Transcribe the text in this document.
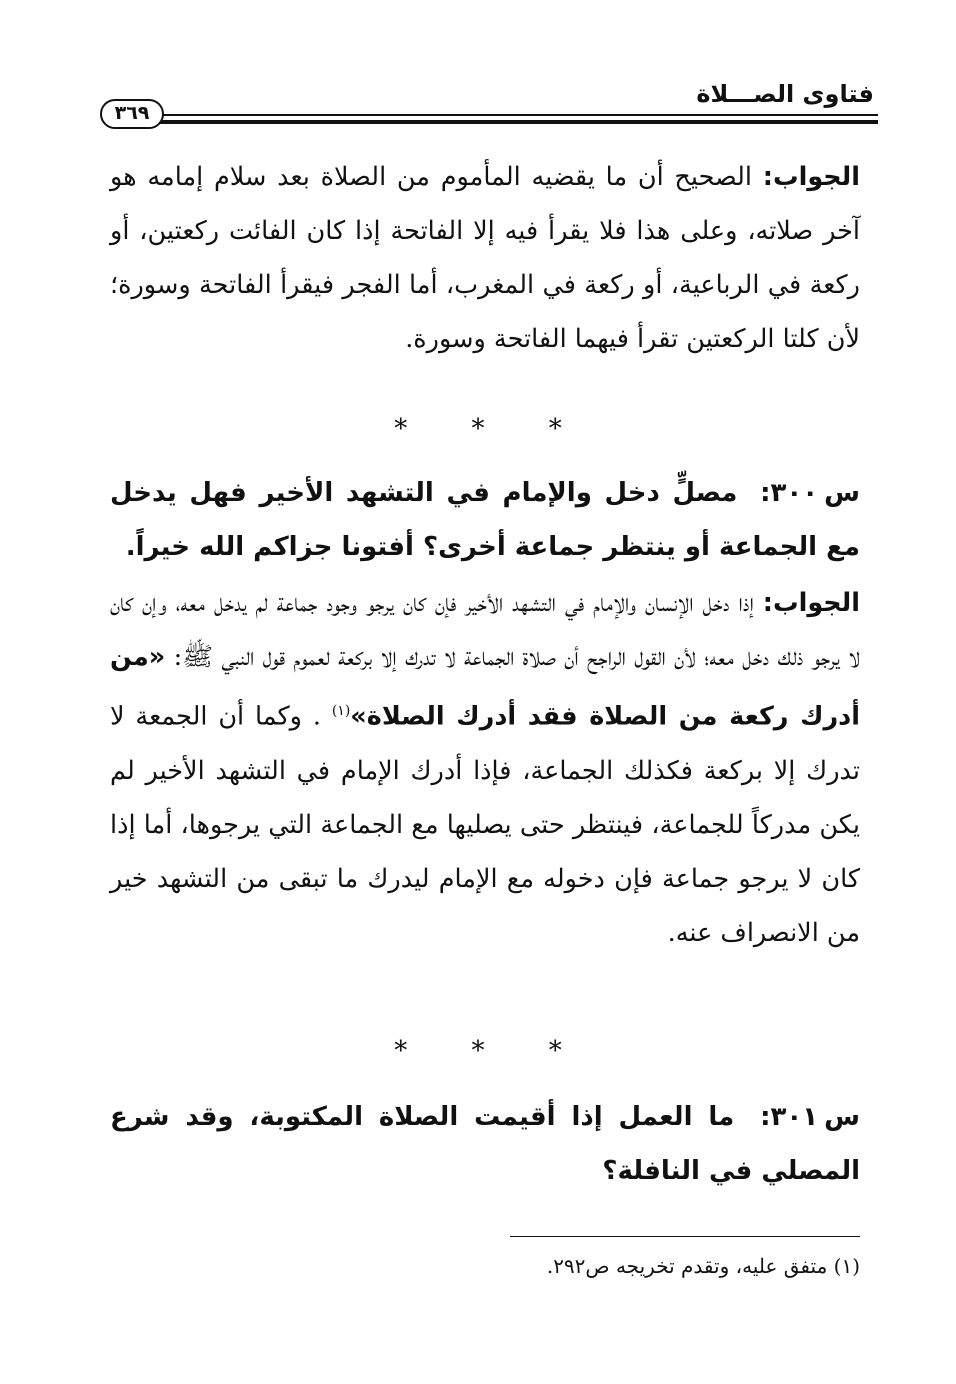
فتاوى الصـــلاة
٣٦٩
الجواب: الصحيح أن ما يقضيه المأموم من الصلاة بعد سلام إمامه هو آخر صلاته، وعلى هذا فلا يقرأ فيه إلا الفاتحة إذا كان الفائت ركعتين، أو ركعة في الرباعية، أو ركعة في المغرب، أما الفجر فيقرأ الفاتحة وسورة؛ لأن كلتا الركعتين تقرأ فيهما الفاتحة وسورة.
* * *
س٣٠٠: مصلٍّ دخل والإمام في التشهد الأخير فهل يدخل مع الجماعة أو ينتظر جماعة أخرى؟ أفتونا جزاكم الله خيراً.
الجواب: إذا دخل الإنسان والإمام في التشهد الأخير فإن كان يرجو وجود جماعة لم يدخل معه، وإن كان لا يرجو ذلك دخل معه؛ لأن القول الراجح أن صلاة الجماعة لا تدرك إلا بركعة لعموم قول النبي ﷺ: «من أدرك ركعة من الصلاة فقد أدرك الصلاة»$^{(١)}$ . وكما أن الجمعة لا تدرك إلا بركعة فكذلك الجماعة، فإذا أدرك الإمام في التشهد الأخير لم يكن مدركاً للجماعة، فينتظر حتى يصليها مع الجماعة التي يرجوها، أما إذا كان لا يرجو جماعة فإن دخوله مع الإمام ليدرك ما تبقى من التشهد خير من الانصراف عنه.
* * *
س٣٠١: ما العمل إذا أقيمت الصلاة المكتوبة، وقد شرع المصلي في النافلة؟
(١) متفق عليه، وتقدم تخريجه ص٢٩٢.
